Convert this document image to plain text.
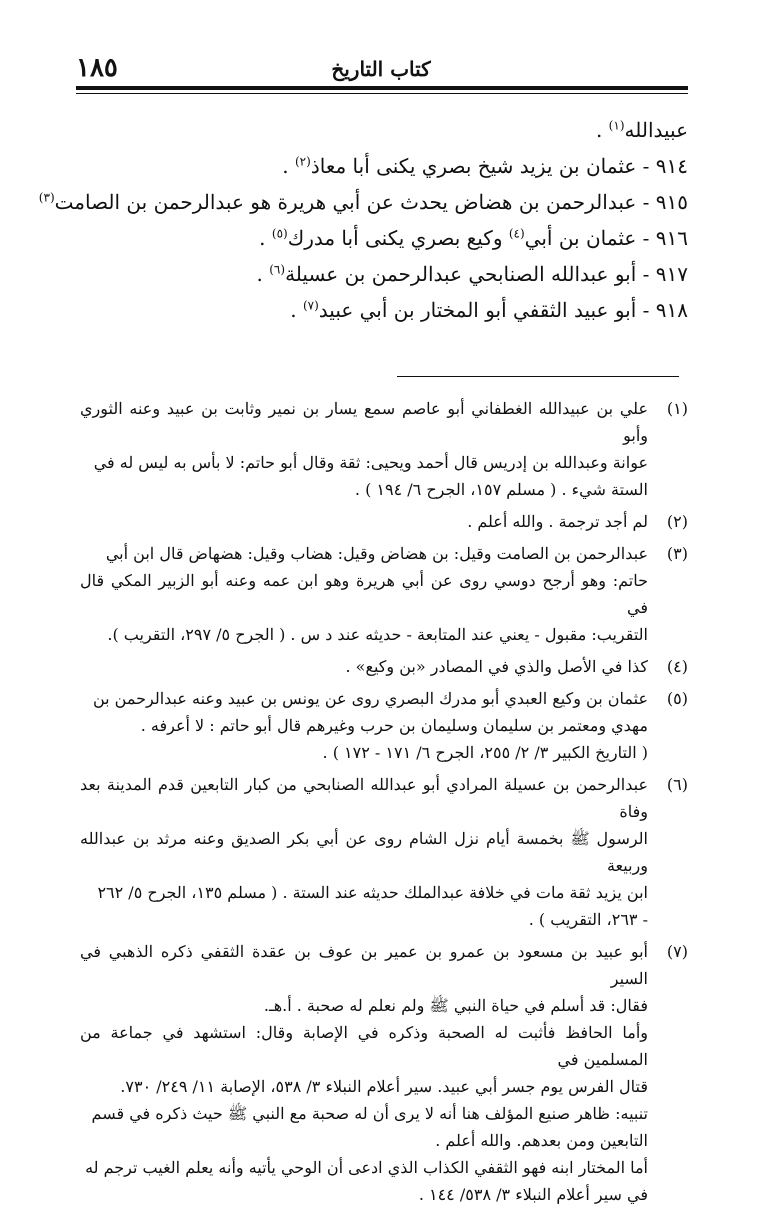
١٨٥	كتاب التاريخ
عبيدالله$^{(١)}$ .
٩١٤ - عثمان بن يزيد شيخ بصري يكنى أبا معاذ$^{(٢)}$ .
٩١٥ - عبدالرحمن بن هضاض يحدث عن أبي هريرة هو عبدالرحمن بن الصامت$^{(٣)}$
٩١٦ - عثمان بن أبي$^{(٤)}$ وكيع بصري يكنى أبا مدرك$^{(٥)}$ .
٩١٧ - أبو عبدالله الصنابحي عبدالرحمن بن عسيلة$^{(٦)}$ .
٩١٨ - أبو عبيد الثقفي أبو المختار بن أبي عبيد$^{(٧)}$ .
(١)
علي بن عبيدالله الغطفاني أبو عاصم سمع يسار بن نمير وثابت بن عبيد وعنه الثوري وأبو
عوانة وعبدالله بن إدريس قال أحمد ويحيى: ثقة وقال أبو حاتم: لا بأس به ليس له في
الستة شيء . ( مسلم ١٥٧، الجرح ٦/ ١٩٤ ) .
(٢)
لم أجد ترجمة . والله أعلم .
(٣)
عبدالرحمن بن الصامت وقيل: بن هضاض وقيل: هضاب وقيل: هضهاض قال ابن أبي
حاتم: وهو أرجح دوسي روى عن أبي هريرة وهو ابن عمه وعنه أبو الزبير المكي قال في
التقريب: مقبول - يعني عند المتابعة - حديثه عند د س . ( الجرح ٥/ ٢٩٧، التقريب ).
(٤)
كذا في الأصل والذي في المصادر «بن وكيع» .
(٥)
عثمان بن وكيع العبدي أبو مدرك البصري روى عن يونس بن عبيد وعنه عبدالرحمن بن
مهدي ومعتمر بن سليمان وسليمان بن حرب وغيرهم قال أبو حاتم : لا أعرفه .
( التاريخ الكبير ٣/ ٢/ ٢٥٥، الجرح ٦/ ١٧١ - ١٧٢ ) .
(٦)
عبدالرحمن بن عسيلة المرادي أبو عبدالله الصنابحي من كبار التابعين قدم المدينة بعد وفاة
الرسول ﷺ بخمسة أيام نزل الشام روى عن أبي بكر الصديق وعنه مرثد بن عبدالله وربيعة
ابن يزيد ثقة مات في خلافة عبدالملك حديثه عند الستة . ( مسلم ١٣٥، الجرح ٥/ ٢٦٢
- ٢٦٣، التقريب ) .
(٧)
أبو عبيد بن مسعود بن عمرو بن عمير بن عوف بن عقدة الثقفي ذكره الذهبي في السير
فقال: قد أسلم في حياة النبي ﷺ ولم نعلم له صحبة . أ.هـ.
وأما الحافظ فأثبت له الصحبة وذكره في الإصابة وقال: استشهد في جماعة من المسلمين في
قتال الفرس يوم جسر أبي عبيد. سير أعلام النبلاء ٣/ ٥٣٨، الإصابة ١١/ ٢٤٩/ ٧٣٠.
تنبيه: ظاهر صنيع المؤلف هنا أنه لا يرى أن له صحبة مع النبي ﷺ حيث ذكره في قسم
التابعين ومن بعدهم. والله أعلم .
أما المختار ابنه فهو الثقفي الكذاب الذي ادعى أن الوحي يأتيه وأنه يعلم الغيب ترجم له
في سير أعلام النبلاء ٣/ ٥٣٨/ ١٤٤ .
